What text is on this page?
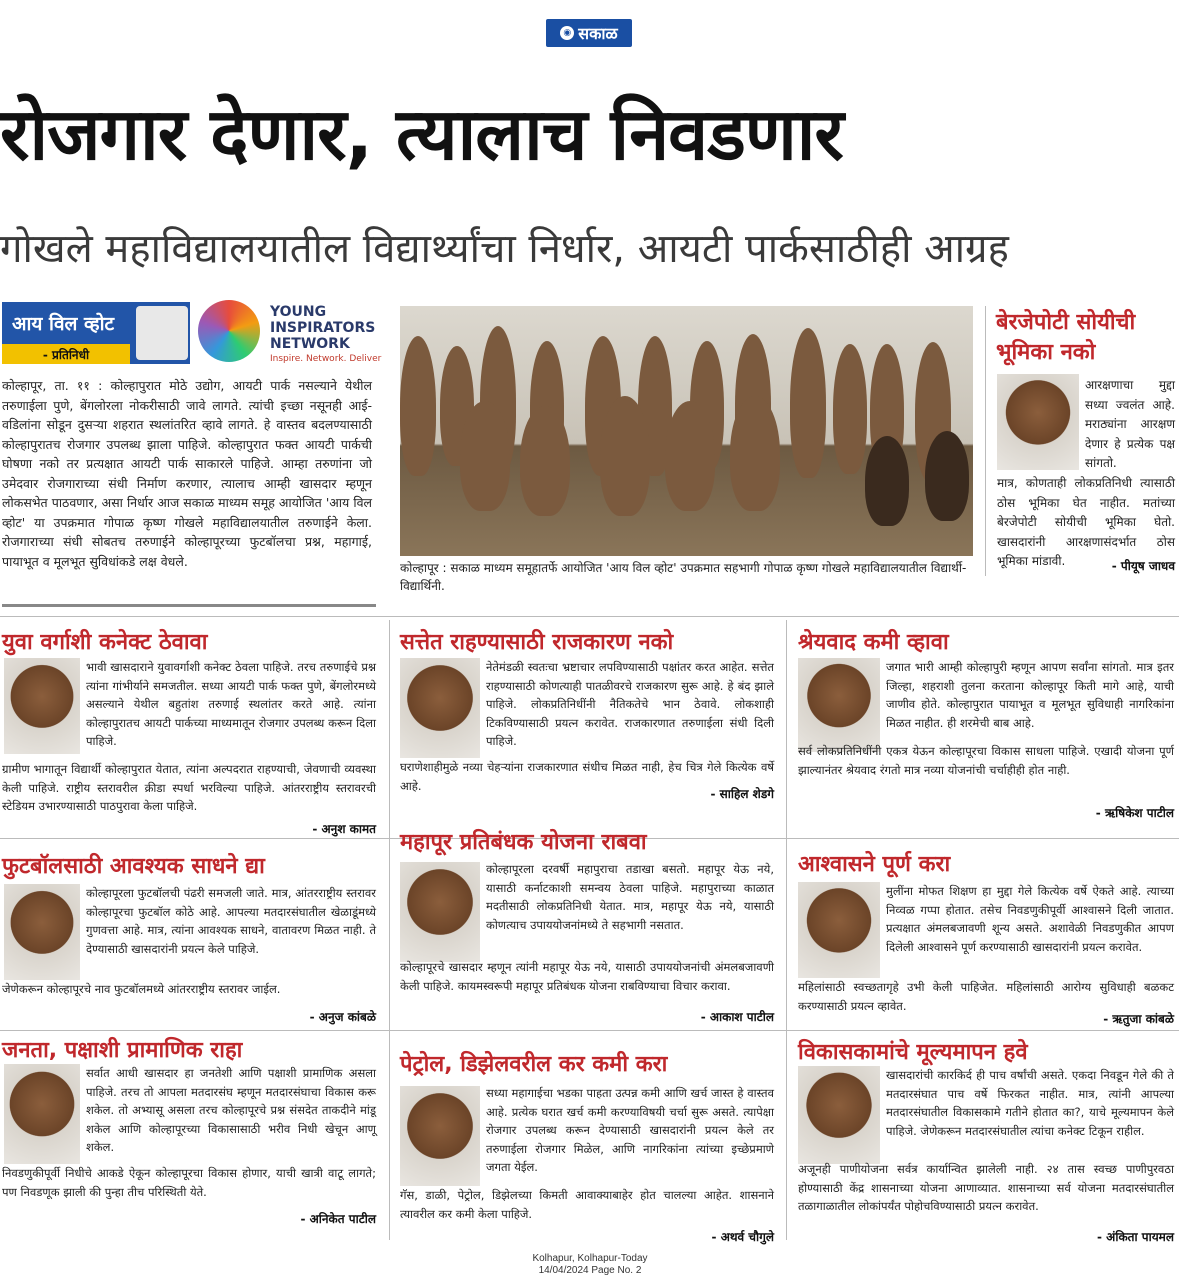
◉ सकाळ
रोजगार देणार, त्यालाच निवडणार
गोखले महाविद्यालयातील विद्यार्थ्यांचा निर्धार, आयटी पार्कसाठीही आग्रह
आय विल व्होट
- प्रतिनिधी
YOUNG INSPIRATORS NETWORK
Inspire. Network. Deliver
कोल्हापूर, ता. ११ : कोल्हापुरात मोठे उद्योग, आयटी पार्क नसल्याने येथील तरुणाईला पुणे, बेंगलोरला नोकरीसाठी जावे लागते. त्यांची इच्छा नसूनही आई-वडिलांना सोडून दुसऱ्या शहरात स्थलांतरित व्हावे लागते. हे वास्तव बदलण्यासाठी कोल्हापुरातच रोजगार उपलब्ध झाला पाहिजे. कोल्हापुरात फक्त आयटी पार्कची घोषणा नको तर प्रत्यक्षात आयटी पार्क साकारले पाहिजे. आम्हा तरुणांना जो उमेदवार रोजगाराच्या संधी निर्माण करणार, त्यालाच आम्ही खासदार म्हणून लोकसभेत पाठवणार, असा निर्धार आज सकाळ माध्यम समूह आयोजित 'आय विल व्होट' या उपक्रमात गोपाळ कृष्ण गोखले महाविद्यालयातील तरुणाईने केला. रोजगाराच्या संधी सोबतच तरुणाईने कोल्हापूरच्या फुटबॉलचा प्रश्न, महागाई, पायाभूत व मूलभूत सुविधांकडे लक्ष वेधले.	कोल्हापूर : सकाळ माध्यम समूहातर्फे आयोजित 'आय विल व्होट' उपक्रमात सहभागी गोपाळ कृष्ण गोखले महाविद्यालयातील विद्यार्थी-विद्यार्थिनी.
बेरजेपोटी सोयीची भूमिका नको
आरक्षणाचा मुद्दा सध्या ज्वलंत आहे. मराठ्यांना आरक्षण देणार हे प्रत्येक पक्ष सांगतो.
मात्र, कोणताही लोकप्रतिनिधी त्यासाठी ठोस भूमिका घेत नाहीत. मतांच्या बेरजेपोटी सोयीची भूमिका घेतो. खासदारांनी आरक्षणासंदर्भात ठोस भूमिका मांडावी.	- पीयूष जाधव
युवा वर्गाशी कनेक्ट ठेवावा
भावी खासदाराने युवावर्गाशी कनेक्ट ठेवला पाहिजे. तरच तरुणाईचे प्रश्न त्यांना गांभीर्याने समजतील. सध्या आयटी पार्क फक्त पुणे, बेंगलोरमध्ये असल्याने येथील बहुतांश तरुणाई स्थलांतर करते आहे. त्यांना कोल्हापुरातच आयटी पार्कच्या माध्यमातून रोजगार उपलब्ध करून दिला पाहिजे.
ग्रामीण भागातून विद्यार्थी कोल्हापुरात येतात, त्यांना अल्पदरात राहण्याची, जेवणाची व्यवस्था केली पाहिजे. राष्ट्रीय स्तरावरील क्रीडा स्पर्धा भरविल्या पाहिजे. आंतरराष्ट्रीय स्तरावरची स्टेडियम उभारण्यासाठी पाठपुरावा केला पाहिजे.
- अनुश कामत
सत्तेत राहण्यासाठी राजकारण नको
नेतेमंडळी स्वतःचा भ्रष्टाचार लपविण्यासाठी पक्षांतर करत आहेत. सत्तेत राहण्यासाठी कोणत्याही पातळीवरचे राजकारण सुरू आहे. हे बंद झाले पाहिजे. लोकप्रतिनिधींनी नैतिकतेचे भान ठेवावे. लोकशाही टिकविण्यासाठी प्रयत्न करावेत. राजकारणात तरुणाईला संधी दिली पाहिजे.
घराणेशाहीमुळे नव्या चेहऱ्यांना राजकारणात संधीच मिळत नाही, हेच चित्र गेले कित्येक वर्षे आहे.
- साहिल शेडगे
श्रेयवाद कमी व्हावा
जगात भारी आम्ही कोल्हापुरी म्हणून आपण सर्वांना सांगतो. मात्र इतर जिल्हा, शहराशी तुलना करताना कोल्हापूर किती मागे आहे, याची जाणीव होते. कोल्हापुरात पायाभूत व मूलभूत सुविधाही नागरिकांना मिळत नाहीत. ही शरमेची बाब आहे.
सर्व लोकप्रतिनिधींनी एकत्र येऊन कोल्हापूरचा विकास साधला पाहिजे. एखादी योजना पूर्ण झाल्यानंतर श्रेयवाद रंगतो मात्र नव्या योजनांची चर्चाहीही होत नाही.
- ऋषिकेश पाटील
फुटबॉलसाठी आवश्यक साधने द्या
कोल्हापूरला फुटबॉलची पंढरी समजली जाते. मात्र, आंतरराष्ट्रीय स्तरावर कोल्हापूरचा फुटबॉल कोठे आहे. आपल्या मतदारसंघातील खेळाडूंमध्ये गुणवत्ता आहे. मात्र, त्यांना आवश्यक साधने, वातावरण मिळत नाही. ते देण्यासाठी खासदारांनी प्रयत्न केले पाहिजे.
जेणेकरून कोल्हापूरचे नाव फुटबॉलमध्ये आंतरराष्ट्रीय स्तरावर जाईल.
- अनुज कांबळे
महापूर प्रतिबंधक योजना राबवा
कोल्हापूरला दरवर्षी महापुराचा तडाखा बसतो. महापूर येऊ नये, यासाठी कर्नाटकाशी समन्वय ठेवला पाहिजे. महापुराच्या काळात मदतीसाठी लोकप्रतिनिधी येतात. मात्र, महापूर येऊ नये, यासाठी कोणत्याच उपाययोजनांमध्ये ते सहभागी नसतात.
कोल्हापूरचे खासदार म्हणून त्यांनी महापूर येऊ नये, यासाठी उपाययोजनांची अंमलबजावणी केली पाहिजे. कायमस्वरूपी महापूर प्रतिबंधक योजना राबविण्याचा विचार करावा.
- आकाश पाटील
आश्वासने पूर्ण करा
मुलींना मोफत शिक्षण हा मुद्दा गेले कित्येक वर्षे ऐकते आहे. त्याच्या निव्वळ गप्पा होतात. तसेच निवडणुकीपूर्वी आश्वासने दिली जातात. प्रत्यक्षात अंमलबजावणी शून्य असते. अशावेळी निवडणुकीत आपण दिलेली आश्वासने पूर्ण करण्यासाठी खासदारांनी प्रयत्न करावेत.
महिलांसाठी स्वच्छतागृहे उभी केली पाहिजेत. महिलांसाठी आरोग्य सुविधाही बळकट करण्यासाठी प्रयत्न व्हावेत.
- ऋतुजा कांबळे
जनता, पक्षाशी प्रामाणिक राहा
सर्वात आधी खासदार हा जनतेशी आणि पक्षाशी प्रामाणिक असला पाहिजे. तरच तो आपला मतदारसंघ म्हणून मतदारसंघाचा विकास करू शकेल. तो अभ्यासू असला तरच कोल्हापूरचे प्रश्न संसदेत ताकदीने मांडू शकेल आणि कोल्हापूरच्या विकासासाठी भरीव निधी खेचून आणू शकेल.
निवडणुकीपूर्वी निधीचे आकडे ऐकून कोल्हापूरचा विकास होणार, याची खात्री वाटू लागते; पण निवडणूक झाली की पुन्हा तीच परिस्थिती येते.
- अनिकेत पाटील
पेट्रोल, डिझेलवरील कर कमी करा
सध्या महागाईचा भडका पाहता उत्पन्न कमी आणि खर्च जास्त हे वास्तव आहे. प्रत्येक घरात खर्च कमी करण्याविषयी चर्चा सुरू असते. त्यापेक्षा रोजगार उपलब्ध करून देण्यासाठी खासदारांनी प्रयत्न केले तर तरुणाईला रोजगार मिळेल, आणि नागरिकांना त्यांच्या इच्छेप्रमाणे जगता येईल.
गॅस, डाळी, पेट्रोल, डिझेलच्या किमती आवाक्याबाहेर होत चालल्या आहेत. शासनाने त्यावरील कर कमी केला पाहिजे.
- अथर्व चौगुले
विकासकामांचे मूल्यमापन हवे
खासदारांची कारकिर्द ही पाच वर्षांची असते. एकदा निवडून गेले की ते मतदारसंघात पाच वर्षे फिरकत नाहीत. मात्र, त्यांनी आपल्या मतदारसंघातील विकासकामे गतीने होतात का?, याचे मूल्यमापन केले पाहिजे. जेणेकरून मतदारसंघातील त्यांचा कनेक्ट टिकून राहील.
अजूनही पाणीयोजना सर्वत्र कार्यान्वित झालेली नाही. २४ तास स्वच्छ पाणीपुरवठा होण्यासाठी केंद्र शासनाच्या योजना आणाव्यात. शासनाच्या सर्व योजना मतदारसंघातील तळागाळातील लोकांपर्यंत पोहोचविण्यासाठी प्रयत्न करावेत.
- अंकिता पायमल
Kolhapur, Kolhapur-Today
14/04/2024 Page No. 2
